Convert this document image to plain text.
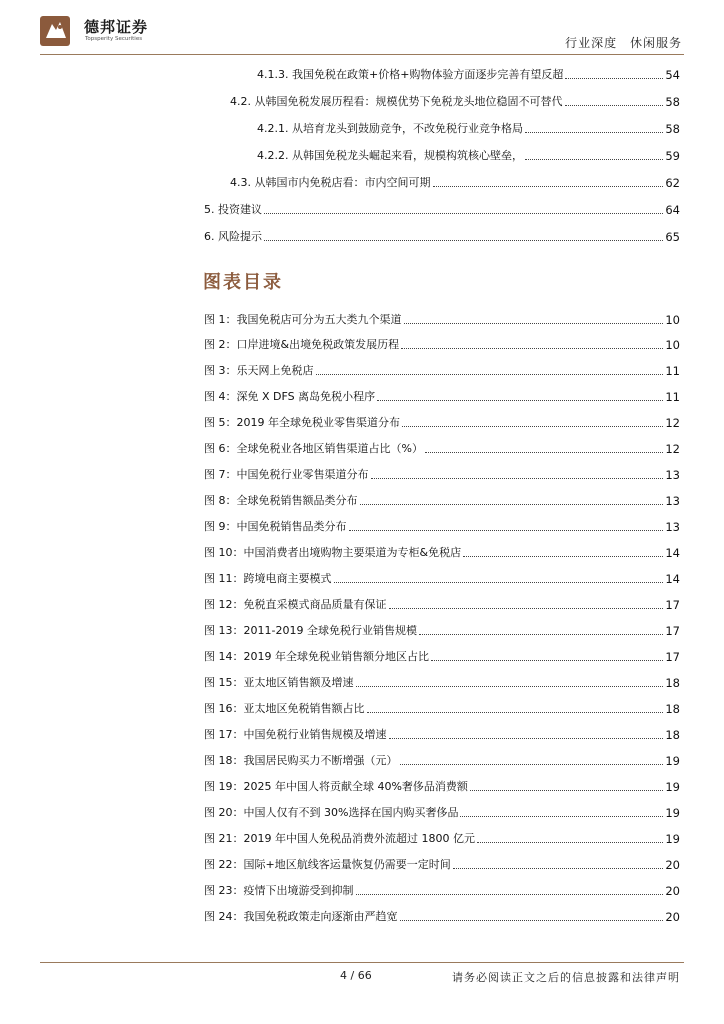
德邦证券
Topsperity Securities	行业深度 休闲服务
4.1.3. 我国免税在政策+价格+购物体验方面逐步完善有望反超	54
4.2. 从韩国免税发展历程看：规模优势下免税龙头地位稳固不可替代	58
4.2.1. 从培育龙头到鼓励竞争，不改免税行业竞争格局	58
4.2.2. 从韩国免税龙头崛起来看，规模构筑核心壁垒，	59
4.3. 从韩国市内免税店看：市内空间可期	62
5. 投资建议	64
6. 风险提示	65
图表目录
图 1：我国免税店可分为五大类九个渠道	10
图 2：口岸进境&出境免税政策发展历程	10
图 3：乐天网上免税店	11
图 4：深免 X DFS 离岛免税小程序	11
图 5：2019 年全球免税业零售渠道分布	12
图 6：全球免税业各地区销售渠道占比（%）	12
图 7：中国免税行业零售渠道分布	13
图 8：全球免税销售额品类分布	13
图 9：中国免税销售品类分布	13
图 10：中国消费者出境购物主要渠道为专柜&免税店	14
图 11：跨境电商主要模式	14
图 12：免税直采模式商品质量有保证	17
图 13：2011-2019 全球免税行业销售规模	17
图 14：2019 年全球免税业销售额分地区占比	17
图 15：亚太地区销售额及增速	18
图 16：亚太地区免税销售额占比	18
图 17：中国免税行业销售规模及增速	18
图 18：我国居民购买力不断增强（元）	19
图 19：2025 年中国人将贡献全球 40%奢侈品消费额	19
图 20：中国人仅有不到 30%选择在国内购买奢侈品	19
图 21：2019 年中国人免税品消费外流超过 1800 亿元	19
图 22：国际+地区航线客运量恢复仍需要一定时间	20
图 23：疫情下出境游受到抑制	20
图 24：我国免税政策走向逐渐由严趋宽	20
4 / 66	请务必阅读正文之后的信息披露和法律声明
